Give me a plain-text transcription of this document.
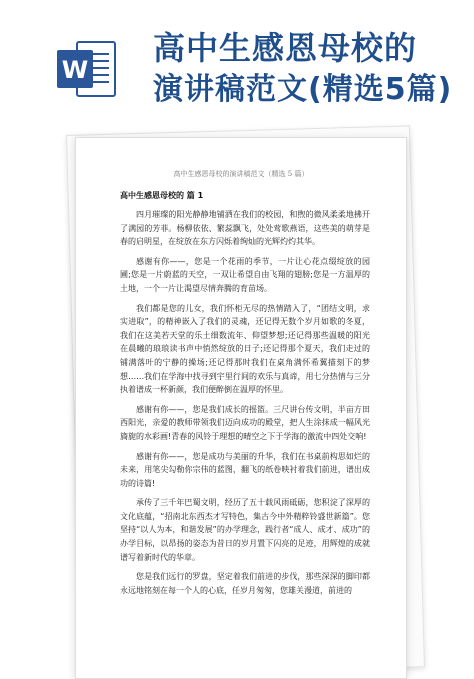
W
高中生感恩母校的
演讲稿范文(精选5篇)
高中生感恩母校的演讲稿范文（精选 5 篇）
高中生感恩母校的 篇 1

四月璀璨的阳光静静地铺洒在我们的校园，和煦的微风柔柔地拂开了满园的芳菲。杨柳依依、繁蕊飘飞，处处莺歌燕语，这些美的萌芽是春的启明星，在绽放在东方闪烁着绚灿的光辉灼灼其华。

感谢有你——，您是一个花雨的季节，一片让心花点缀绽放的园圃;您是一片蔚蓝的天空，一双让希望自由飞翔的翅膀;您是一方温厚的土地，一个一片让渴望尽情奔腾的育苗场。

我们都是您的儿女，我们怀柜无尽的热情踏入了，“团结文明，求实进取”，的精神嵌入了我们的灵魂，还记得无数个岁月如歌的冬夏，我们在这美若天堂的乐土细数流年、仰望梦想;还记得那些温暖的阳光在晨曦的琅琅读书声中悄然绽放的日子;还记得那个夏天，我们走过的铺满落叶的宁静的操场;还记得那时我们在桌角满怀希翼描刻下的梦想……我们在学海中找寻到宇里行间的欢乐与真谛，用七分热情与三分执着谱成一杯新颜，我们便醉倒在温厚的怀里。

感谢有你——，您是我们成长的摇篮。三尺讲台传文明，半亩方田西阳光，亲爱的教师带领我们迈向成功的殿堂，把人生涂抹成一幅风光旖旎的水彩画!青春的风铃于理想的晴空之下于学海的激流中四处交响!

感谢有你——，您是成功与美丽的升华，我们在书桌前构思如烂的未来，用笔尖勾勒你宗伟的蓝图，翻飞的纸卷映衬着我们前进，谱出成功的诗篇!

承传了三千年巴蜀文明，经历了五十载风雨砥砺，您积淀了深厚的文化底蕴，“招南北东西杰才写特色，集古今中外精粹铃盛世新篇”。您坚持“以人为本，和谐发展”的办学理念，践行者“成人、成才、成功”的办学目标，以昂扬的姿态为昔日的岁月置下闪亮的足迹，用辉煌的成就谱写着新时代的华章。

您是我们远行的罗盘，坚定着我们前进的步伐，那些深深的脚印都永远地铭刻在每一个人的心底，任岁月匆匆，您雄关漫道，前进的
